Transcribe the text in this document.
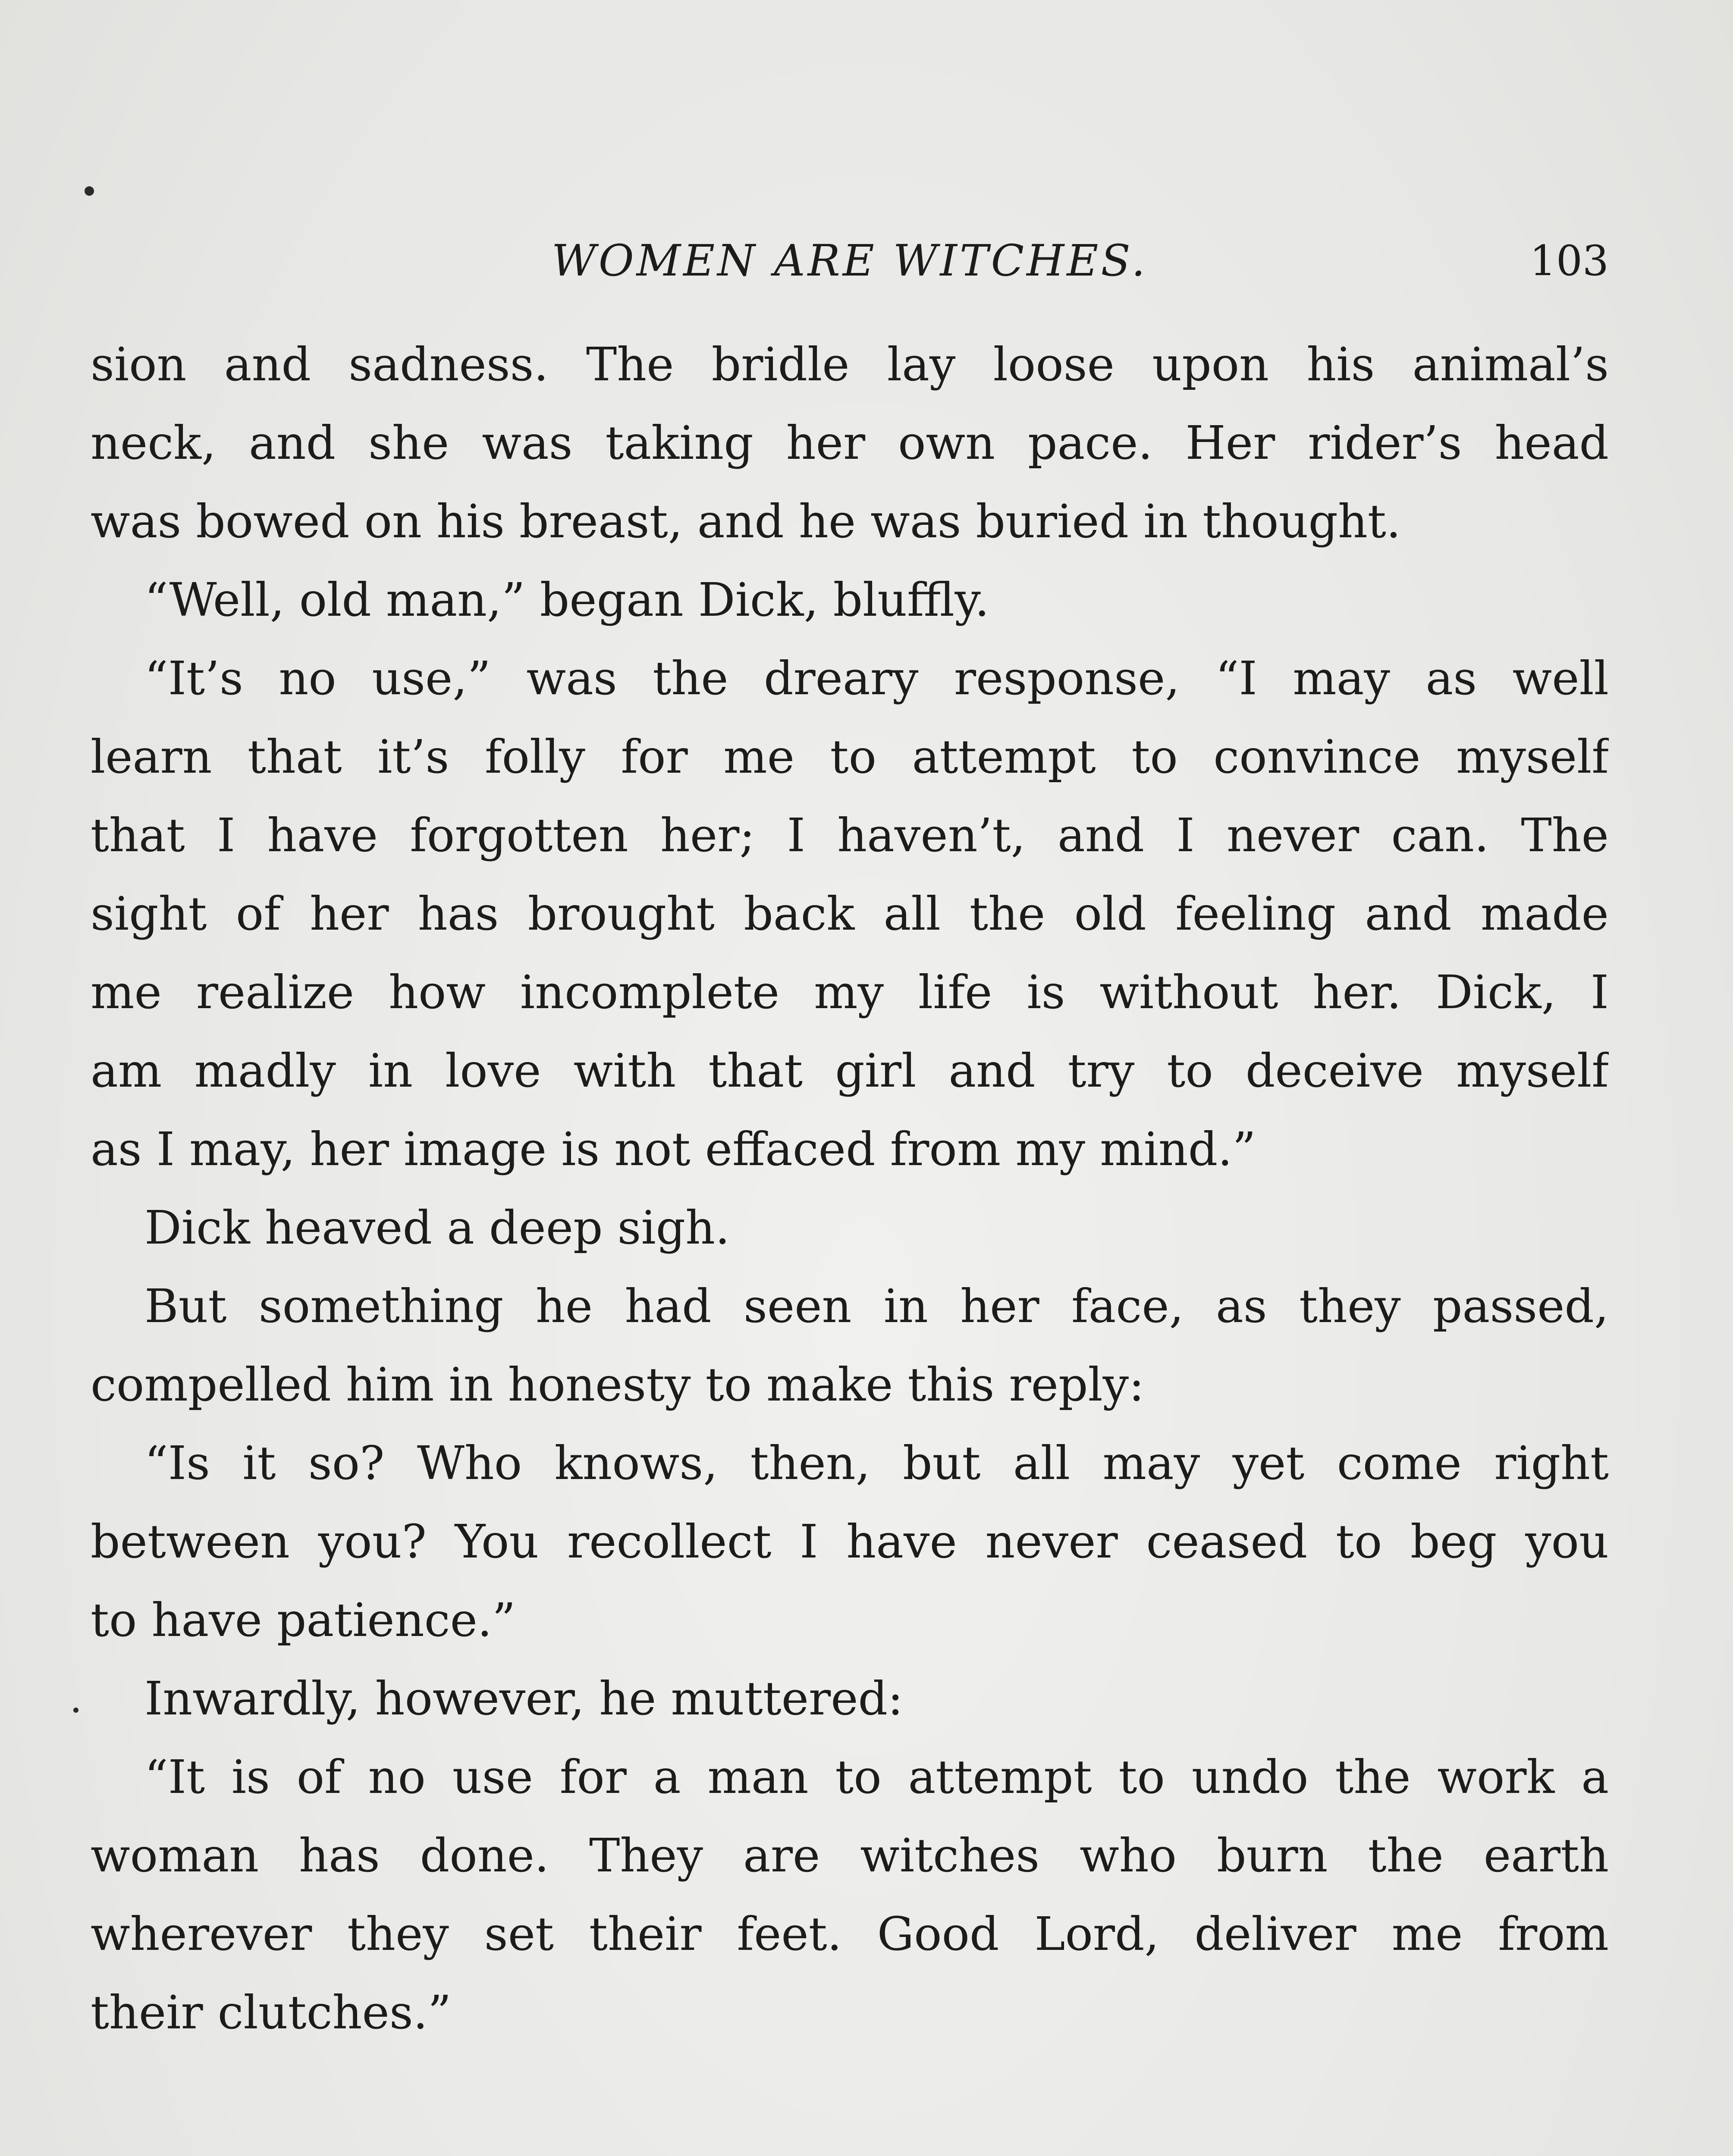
WOMEN ARE WITCHES.	103
sion and sadness. The bridle lay loose upon his animal’s
neck, and she was taking her own pace. Her rider’s head
was bowed on his breast, and he was buried in thought.
“Well, old man,” began Dick, bluffly.
“It’s no use,” was the dreary response, “I may as well
learn that it’s folly for me to attempt to convince myself
that I have forgotten her; I haven’t, and I never can. The
sight of her has brought back all the old feeling and made
me realize how incomplete my life is without her. Dick, I
am madly in love with that girl and try to deceive myself
as I may, her image is not effaced from my mind.”
Dick heaved a deep sigh.
But something he had seen in her face, as they passed,
compelled him in honesty to make this reply:
“Is it so? Who knows, then, but all may yet come right
between you? You recollect I have never ceased to beg you
to have patience.”
Inwardly, however, he muttered:
“It is of no use for a man to attempt to undo the work a
woman has done. They are witches who burn the earth
wherever they set their feet. Good Lord, deliver me from
their clutches.”
